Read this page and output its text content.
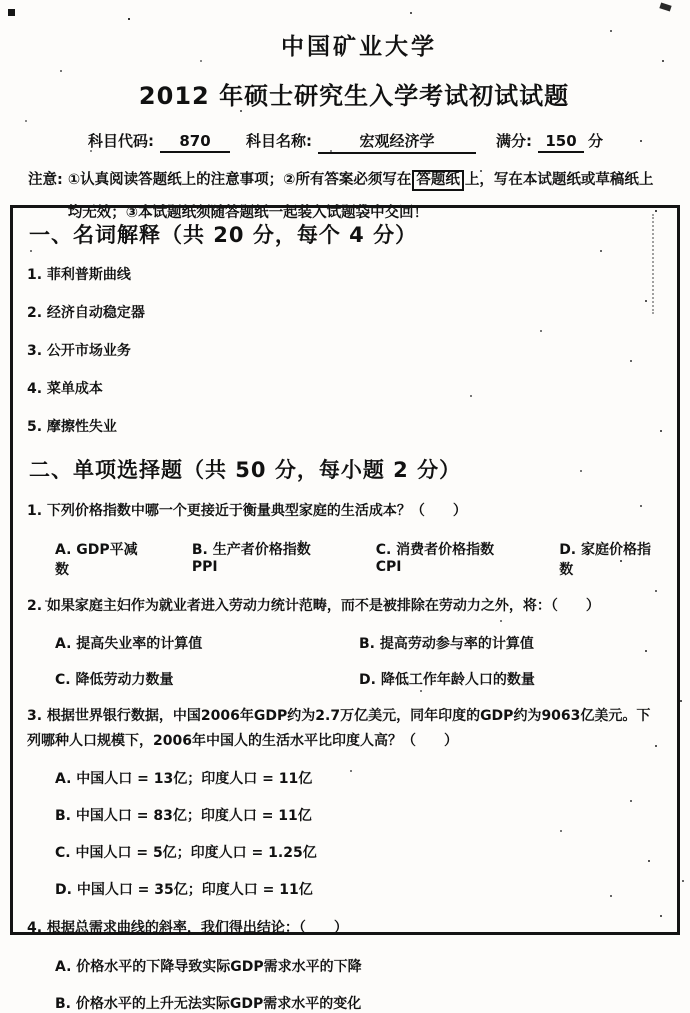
中国矿业大学
2012 年硕士研究生入学考试初试试题
科目代码: 870 科目名称:	宏观经济学	满分: 150 分
注意: ①认真阅读答题纸上的注意事项；②所有答案必须写在 答题纸 上，写在本试题纸或草稿纸上
均无效；③本试题纸须随答题纸一起装入试题袋中交回！
一、名词解释（共 20 分，每个 4 分）
1. 菲利普斯曲线
2. 经济自动稳定器
3. 公开市场业务
4. 菜单成本
5. 摩擦性失业
二、单项选择题（共 50 分，每小题 2 分）
1. 下列价格指数中哪一个更接近于衡量典型家庭的生活成本？（　　）
A. GDP平减数
B. 生产者价格指数PPI
C. 消费者价格指数CPI
D. 家庭价格指数
2. 如果家庭主妇作为就业者进入劳动力统计范畴，而不是被排除在劳动力之外，将：（　　）
A. 提高失业率的计算值	B. 提高劳动参与率的计算值
C. 降低劳动力数量	D. 降低工作年龄人口的数量
3. 根据世界银行数据，中国2006年GDP约为2.7万亿美元，同年印度的GDP约为9063亿美元。下列哪种人口规模下，2006年中国人的生活水平比印度人高？（　　）
A. 中国人口 = 13亿；印度人口 = 11亿
B. 中国人口 = 83亿；印度人口 = 11亿
C. 中国人口 = 5亿；印度人口 = 1.25亿
D. 中国人口 = 35亿；印度人口 = 11亿
4. 根据总需求曲线的斜率，我们得出结论：（　　）
A. 价格水平的下降导致实际GDP需求水平的下降
B. 价格水平的上升无法实际GDP需求水平的变化
